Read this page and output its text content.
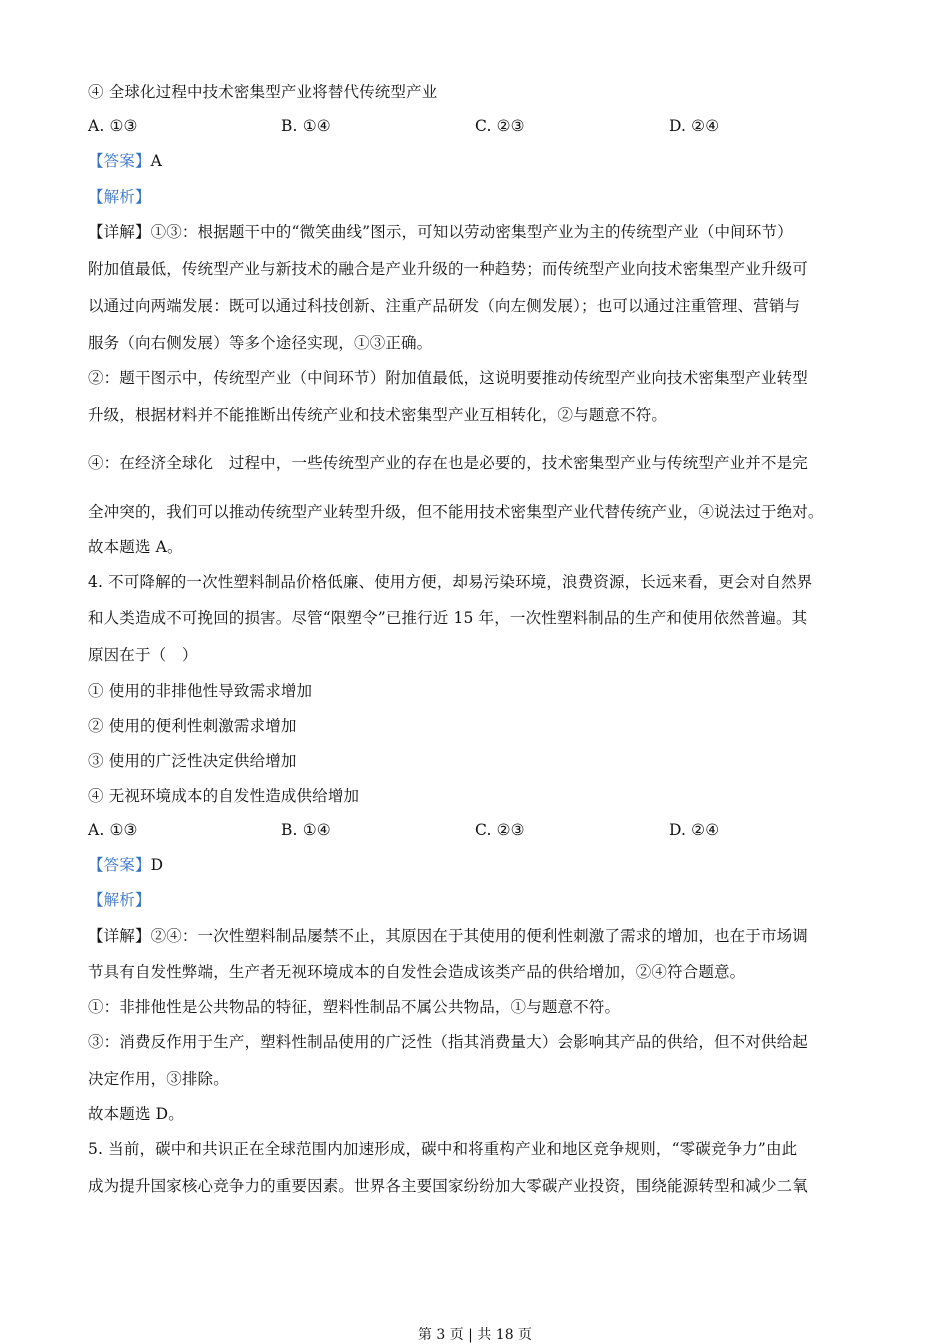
④ 全球化过程中技术密集型产业将替代传统型产业
A. ①③	B. ①④	C. ②③	D. ②④
【答案】A
【解析】
【详解】①③：根据题干中的“微笑曲线”图示，可知以劳动密集型产业为主的传统型产业（中间环节）
附加值最低，传统型产业与新技术的融合是产业升级的一种趋势；而传统型产业向技术密集型产业升级可
以通过向两端发展：既可以通过科技创新、注重产品研发（向左侧发展）；也可以通过注重管理、营销与
服务（向右侧发展）等多个途径实现，①③正确。
②：题干图示中，传统型产业（中间环节）附加值最低，这说明要推动传统型产业向技术密集型产业转型
升级，根据材料并不能推断出传统产业和技术密集型产业互相转化，②与题意不符。
④：在经济全球化　过程中，一些传统型产业的存在也是必要的，技术密集型产业与传统型产业并不是完
全冲突的，我们可以推动传统型产业转型升级，但不能用技术密集型产业代替传统产业，④说法过于绝对。
故本题选 A。
4. 不可降解的一次性塑料制品价格低廉、使用方便，却易污染环境，浪费资源，长远来看，更会对自然界
和人类造成不可挽回的损害。尽管“限塑令”已推行近 15 年，一次性塑料制品的生产和使用依然普遍。其
原因在于（　）
① 使用的非排他性导致需求增加
② 使用的便利性刺激需求增加
③ 使用的广泛性决定供给增加
④ 无视环境成本的自发性造成供给增加
A. ①③	B. ①④	C. ②③	D. ②④
【答案】D
【解析】
【详解】②④：一次性塑料制品屡禁不止，其原因在于其使用的便利性刺激了需求的增加，也在于市场调
节具有自发性弊端，生产者无视环境成本的自发性会造成该类产品的供给增加，②④符合题意。
①：非排他性是公共物品的特征，塑料性制品不属公共物品，①与题意不符。
③：消费反作用于生产，塑料性制品使用的广泛性（指其消费量大）会影响其产品的供给，但不对供给起
决定作用，③排除。
故本题选 D。
5. 当前，碳中和共识正在全球范围内加速形成，碳中和将重构产业和地区竞争规则，“零碳竞争力”由此
成为提升国家核心竞争力的重要因素。世界各主要国家纷纷加大零碳产业投资，围绕能源转型和减少二氧
第 3 页 | 共 18 页
